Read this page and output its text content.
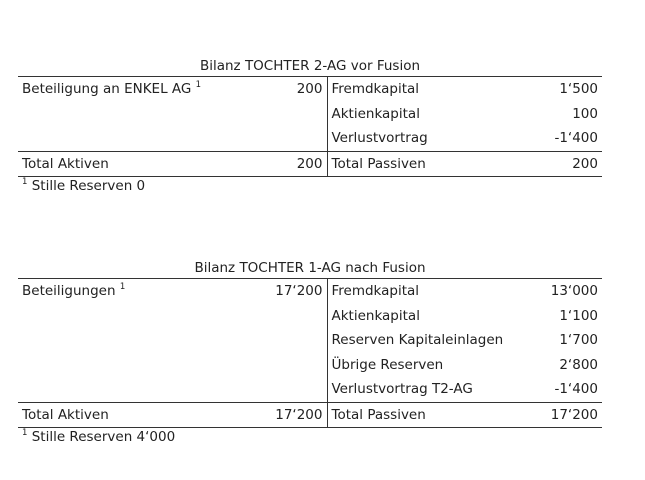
Bilanz TOCHTER 2-AG vor Fusion
Beteiligung an ENKEL AG $^1$	200	Fremdkapital	1‘500
		Aktienkapital	100
		Verlustvortrag	-1‘400
Total Aktiven	200	Total Passiven	200
$^1$ Stille Reserven 0
Bilanz TOCHTER 1-AG nach Fusion
Beteiligungen $^1$	17‘200	Fremdkapital	13‘000
		Aktienkapital	1‘100
		Reserven Kapitaleinlagen	1‘700
		Übrige Reserven	2‘800
		Verlustvortrag T2-AG	-1‘400
Total Aktiven	17‘200	Total Passiven	17‘200
$^1$ Stille Reserven 4‘000
